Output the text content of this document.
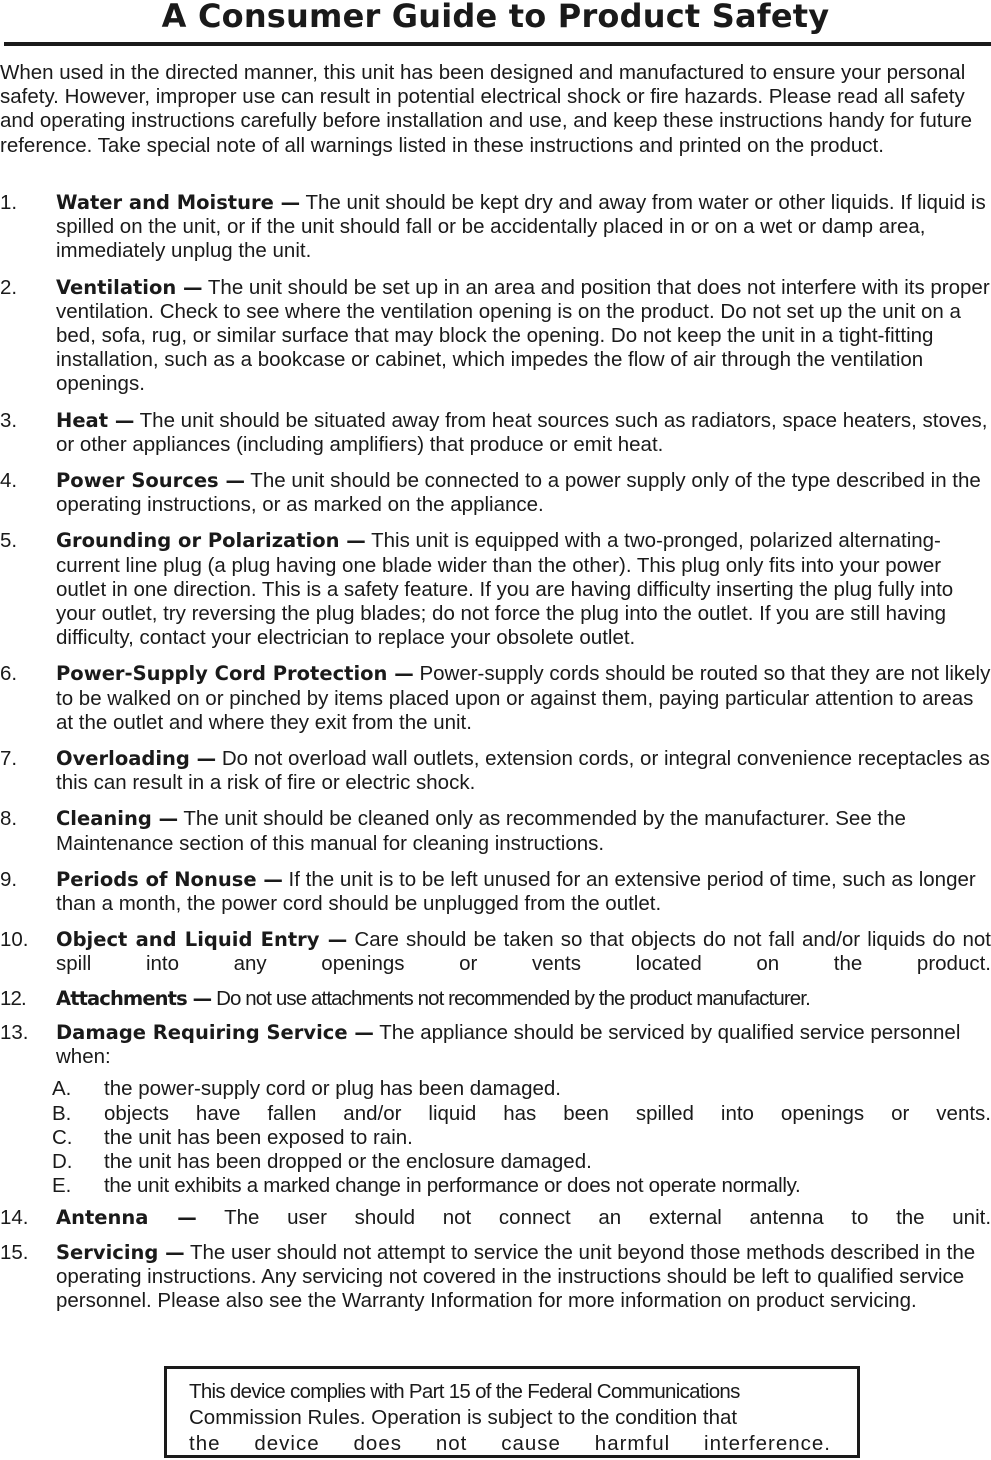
A Consumer Guide to Product Safety

When used in the directed manner, this unit has been designed and manufactured to ensure your personal safety. However, improper use can result in potential electrical shock or fire hazards. Please read all safety and operating instructions carefully before installation and use, and keep these instructions handy for future reference. Take special note of all warnings listed in these instructions and printed on the product.

1. Water and Moisture — The unit should be kept dry and away from water or other liquids. If liquid is spilled on the unit, or if the unit should fall or be accidentally placed in or on a wet or damp area, immediately unplug the unit.
2. Ventilation — The unit should be set up in an area and position that does not interfere with its proper ventilation. Check to see where the ventilation opening is on the product. Do not set up the unit on a bed, sofa, rug, or similar surface that may block the opening. Do not keep the unit in a tight-fitting installation, such as a bookcase or cabinet, which impedes the flow of air through the ventilation openings.
3. Heat — The unit should be situated away from heat sources such as radiators, space heaters, stoves, or other appliances (including amplifiers) that produce or emit heat.
4. Power Sources — The unit should be connected to a power supply only of the type described in the operating instructions, or as marked on the appliance.
5. Grounding or Polarization — This unit is equipped with a two-pronged, polarized alternating-current line plug (a plug having one blade wider than the other). This plug only fits into your power outlet in one direction. This is a safety feature. If you are having difficulty inserting the plug fully into your outlet, try reversing the plug blades; do not force the plug into the outlet. If you are still having difficulty, contact your electrician to replace your obsolete outlet.
6. Power-Supply Cord Protection — Power-supply cords should be routed so that they are not likely to be walked on or pinched by items placed upon or against them, paying particular attention to areas at the outlet and where they exit from the unit.
7. Overloading — Do not overload wall outlets, extension cords, or integral convenience receptacles as this can result in a risk of fire or electric shock.
8. Cleaning — The unit should be cleaned only as recommended by the manufacturer. See the Maintenance section of this manual for cleaning instructions.
9. Periods of Nonuse — If the unit is to be left unused for an extensive period of time, such as longer than a month, the power cord should be unplugged from the outlet.
10. Object and Liquid Entry — Care should be taken so that objects do not fall and/or liquids do not spill into any openings or vents located on the product.
12. Attachments — Do not use attachments not recommended by the product manufacturer.
13. Damage Requiring Service — The appliance should be serviced by qualified service personnel when:
A. the power-supply cord or plug has been damaged.
B. objects have fallen and/or liquid has been spilled into openings or vents.
C. the unit has been exposed to rain.
D. the unit has been dropped or the enclosure damaged.
E. the unit exhibits a marked change in performance or does not operate normally.
14. Antenna — The user should not connect an external antenna to the unit.
15. Servicing — The user should not attempt to service the unit beyond those methods described in the operating instructions. Any servicing not covered in the instructions should be left to qualified service personnel. Please also see the Warranty Information for more information on product servicing.
This device complies with Part 15 of the Federal Communications
Commission Rules. Operation is subject to the condition that
the device does not cause harmful interference.
